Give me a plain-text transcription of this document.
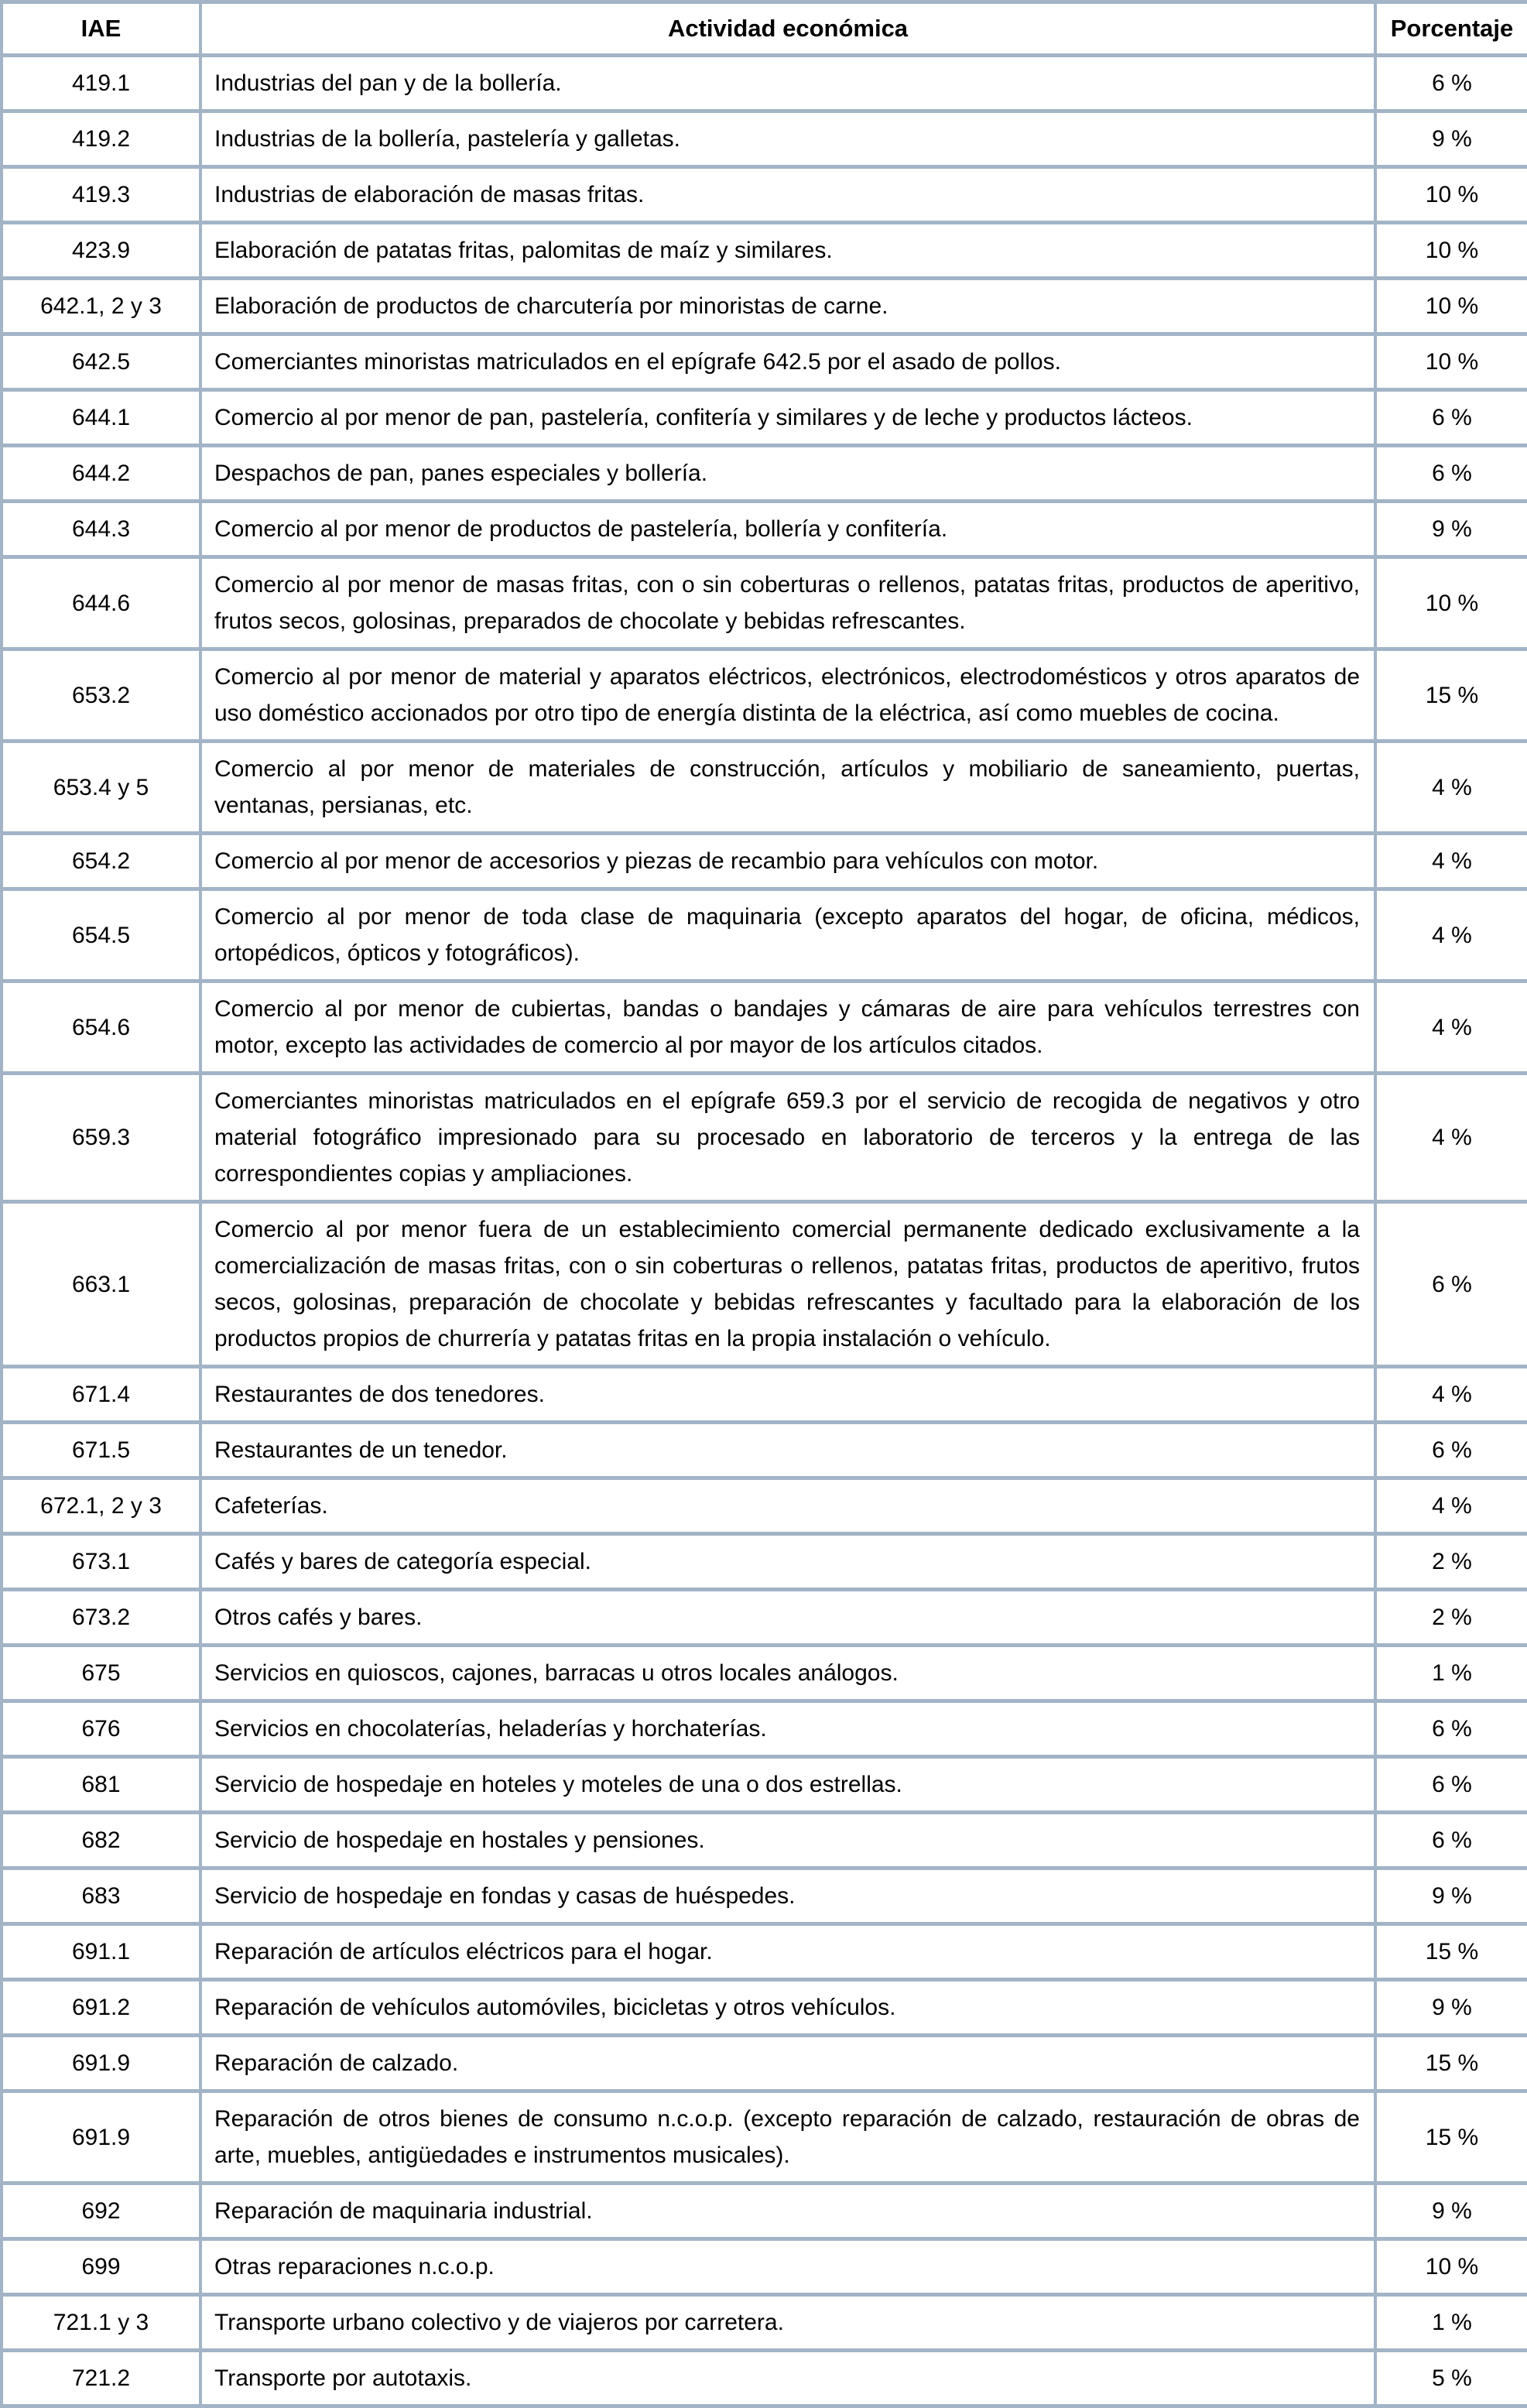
IAE	Actividad económica	Porcentaje
419.1	Industrias del pan y de la bollería.	6 %
419.2	Industrias de la bollería, pastelería y galletas.	9 %
419.3	Industrias de elaboración de masas fritas.	10 %
423.9	Elaboración de patatas fritas, palomitas de maíz y similares.	10 %
642.1, 2 y 3	Elaboración de productos de charcutería por minoristas de carne.	10 %
642.5	Comerciantes minoristas matriculados en el epígrafe 642.5 por el asado de pollos.	10 %
644.1	Comercio al por menor de pan, pastelería, confitería y similares y de leche y productos lácteos.	6 %
644.2	Despachos de pan, panes especiales y bollería.	6 %
644.3	Comercio al por menor de productos de pastelería, bollería y confitería.	9 %
644.6	Comercio al por menor de masas fritas, con o sin coberturas o rellenos, patatas fritas, productos de aperitivo, frutos secos, golosinas, preparados de chocolate y bebidas refrescantes.	10 %
653.2	Comercio al por menor de material y aparatos eléctricos, electrónicos, electrodomésticos y otros aparatos de uso doméstico accionados por otro tipo de energía distinta de la eléctrica, así como muebles de cocina.	15 %
653.4 y 5	Comercio al por menor de materiales de construcción, artículos y mobiliario de saneamiento, puertas, ventanas, persianas, etc.	4 %
654.2	Comercio al por menor de accesorios y piezas de recambio para vehículos con motor.	4 %
654.5	Comercio al por menor de toda clase de maquinaria (excepto aparatos del hogar, de oficina, médicos, ortopédicos, ópticos y fotográficos).	4 %
654.6	Comercio al por menor de cubiertas, bandas o bandajes y cámaras de aire para vehículos terrestres con motor, excepto las actividades de comercio al por mayor de los artículos citados.	4 %
659.3	Comerciantes minoristas matriculados en el epígrafe 659.3 por el servicio de recogida de negativos y otro material fotográfico impresionado para su procesado en laboratorio de terceros y la entrega de las correspondientes copias y ampliaciones.	4 %
663.1	Comercio al por menor fuera de un establecimiento comercial permanente dedicado exclusivamente a la comercialización de masas fritas, con o sin coberturas o rellenos, patatas fritas, productos de aperitivo, frutos secos, golosinas, preparación de chocolate y bebidas refrescantes y facultado para la elaboración de los productos propios de churrería y patatas fritas en la propia instalación o vehículo.	6 %
671.4	Restaurantes de dos tenedores.	4 %
671.5	Restaurantes de un tenedor.	6 %
672.1, 2 y 3	Cafeterías.	4 %
673.1	Cafés y bares de categoría especial.	2 %
673.2	Otros cafés y bares.	2 %
675	Servicios en quioscos, cajones, barracas u otros locales análogos.	1 %
676	Servicios en chocolaterías, heladerías y horchaterías.	6 %
681	Servicio de hospedaje en hoteles y moteles de una o dos estrellas.	6 %
682	Servicio de hospedaje en hostales y pensiones.	6 %
683	Servicio de hospedaje en fondas y casas de huéspedes.	9 %
691.1	Reparación de artículos eléctricos para el hogar.	15 %
691.2	Reparación de vehículos automóviles, bicicletas y otros vehículos.	9 %
691.9	Reparación de calzado.	15 %
691.9	Reparación de otros bienes de consumo n.c.o.p. (excepto reparación de calzado, restauración de obras de arte, muebles, antigüedades e instrumentos musicales).	15 %
692	Reparación de maquinaria industrial.	9 %
699	Otras reparaciones n.c.o.p.	10 %
721.1 y 3	Transporte urbano colectivo y de viajeros por carretera.	1 %
721.2	Transporte por autotaxis.	5 %
